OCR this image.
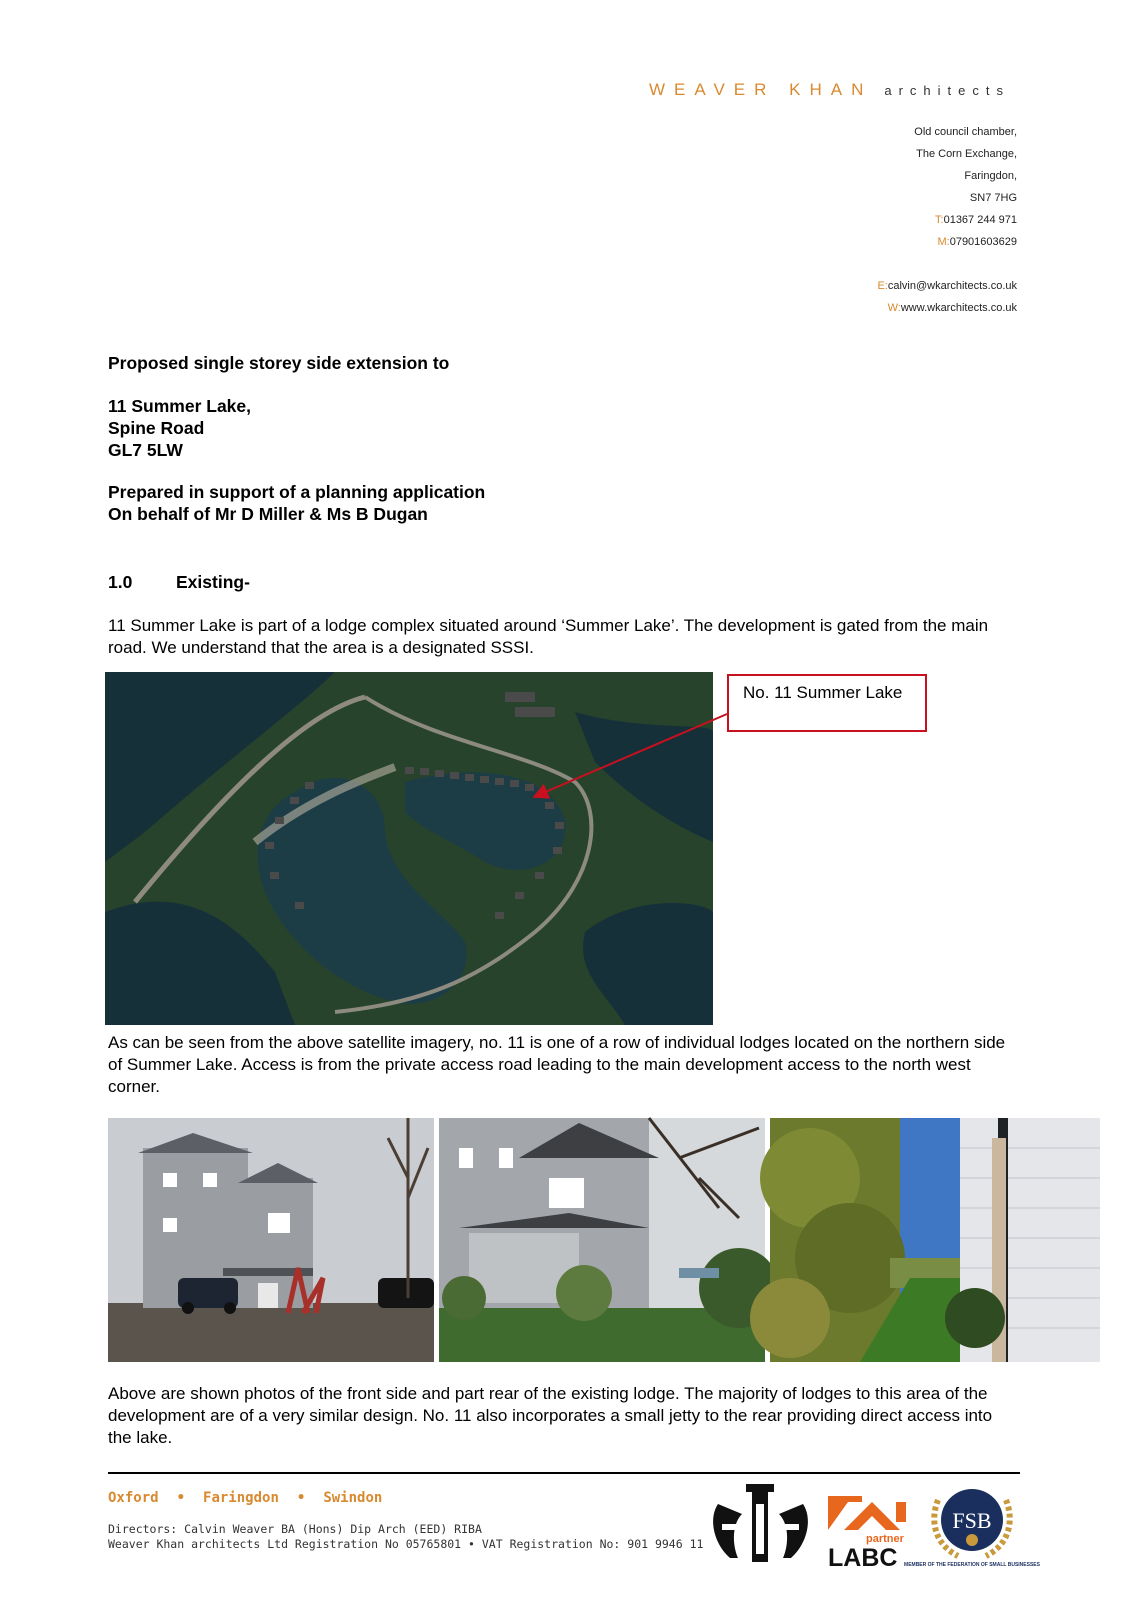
WEAVER KHAN architects
Old council chamber,
The Corn Exchange,
Faringdon,
SN7 7HG
T:01367 244 971
M:07901603629
E:calvin@wkarchitects.co.uk
W:www.wkarchitects.co.uk
Proposed single storey side extension to
11 Summer Lake,
Spine Road
GL7 5LW
Prepared in support of a planning application
On behalf of Mr D Miller & Ms B Dugan
1.0 Existing-
11 Summer Lake is part of a lodge complex situated around ‘Summer Lake’. The development is gated from the main road. We understand that the area is a designated SSSI.
No. 11 Summer Lake
As can be seen from the above satellite imagery, no. 11 is one of a row of individual lodges located on the northern side of Summer Lake. Access is from the private access road leading to the main development access to the north west corner.
Above are shown photos of the front side and part rear of the existing lodge. The majority of lodges to this area of the development are of a very similar design. No. 11 also incorporates a small jetty to the rear providing direct access into the lake.
Oxford • Faringdon • Swindon
Directors: Calvin Weaver BA (Hons) Dip Arch (EED) RIBA
Weaver Khan architects Ltd Registration No 05765801 • VAT Registration No: 901 9946 11	partner
LABC
FSB
MEMBER OF THE FEDERATION OF SMALL BUSINESSES
